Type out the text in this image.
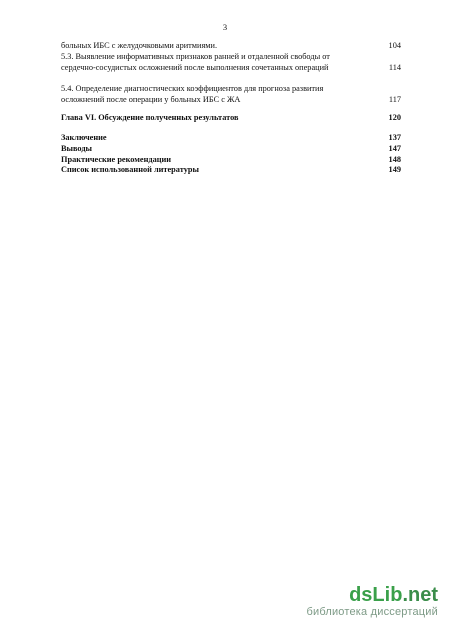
3
больных ИБС с желудочковыми аритмиями.	104
5.3. Выявление информативных признаков ранней и отдаленной свободы от сердечно-сосудистых осложнений после выполнения сочетанных операций	114
5.4. Определение диагностических коэффициентов для прогноза развития осложнений после операции у больных ИБС с ЖА	117
Глава VI. Обсуждение полученных результатов	120
Заключение	137
Выводы	147
Практические рекомендации	148
Список использованной литературы	149
dsLib.net
библиотека диссертаций
